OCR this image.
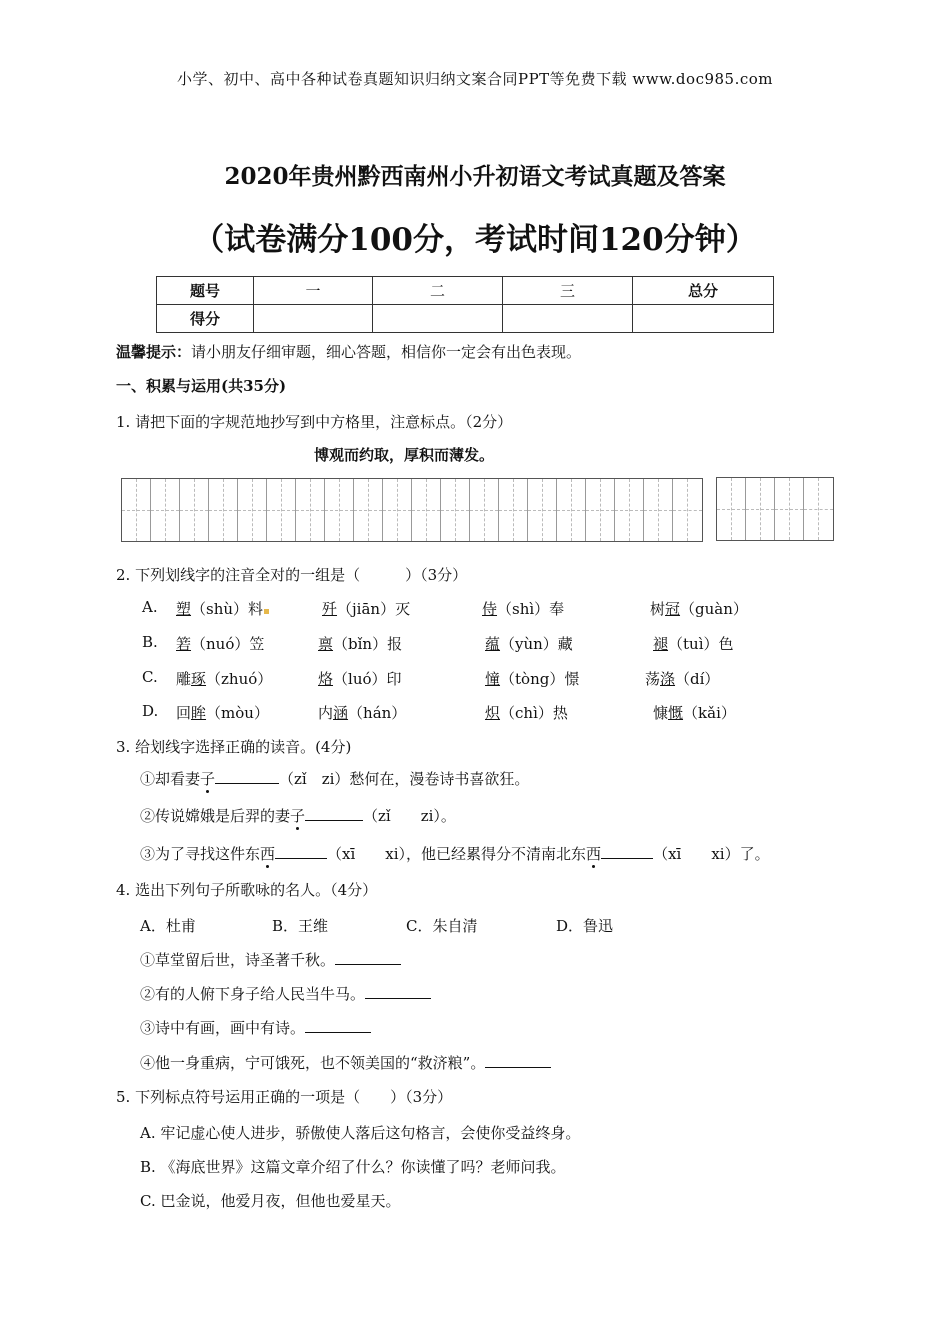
小学、初中、高中各种试卷真题知识归纳文案合同PPT等免费下载 www.doc985.com
2020年贵州黔西南州小升初语文考试真题及答案
（试卷满分100分，考试时间120分钟）
题号	一	二	三	总分
得分				
温馨提示：请小朋友仔细审题，细心答题，相信你一定会有出色表现。
一、积累与运用(共35分)
1. 请把下面的字规范地抄写到中方格里，注意标点。（2分）
博观而约取，厚积而薄发。
2. 下列划线字的注音全对的一组是（　　　）（3分）
A. 塑（shù）料	歼（jiān）灭	侍（shì）奉	树冠（guàn）
B. 箬（nuó）笠	禀（bǐn）报	蕴（yùn）藏	褪（tuì）色
C. 雕琢（zhuó）	烙（luó）印	憧（tòng）憬	荡涤（dí）
D. 回眸（mòu）	内涵（hán）	炽（chì）热	慷慨（kǎi）
3. 给划线字选择正确的读音。(4分)
①却看妻子	（zǐ　zi）愁何在，漫卷诗书喜欲狂。
②传说嫦娥是后羿的妻子	（zǐ　　zi）。
③为了寻找这件东西	（xī　　xi），他已经累得分不清南北东西	（xī　　xi）了。
4. 选出下列句子所歌咏的名人。（4分）
A．杜甫	B．王维	C．朱自清	D．鲁迅
①草堂留后世，诗圣著千秋。
②有的人俯下身子给人民当牛马。
③诗中有画，画中有诗。
④他一身重病，宁可饿死，也不领美国的“救济粮”。
5. 下列标点符号运用正确的一项是（　　）（3分）
A. 牢记虚心使人进步，骄傲使人落后这句格言，会使你受益终身。
B. 《海底世界》这篇文章介绍了什么？你读懂了吗？老师问我。
C. 巴金说，他爱月夜，但他也爱星天。
